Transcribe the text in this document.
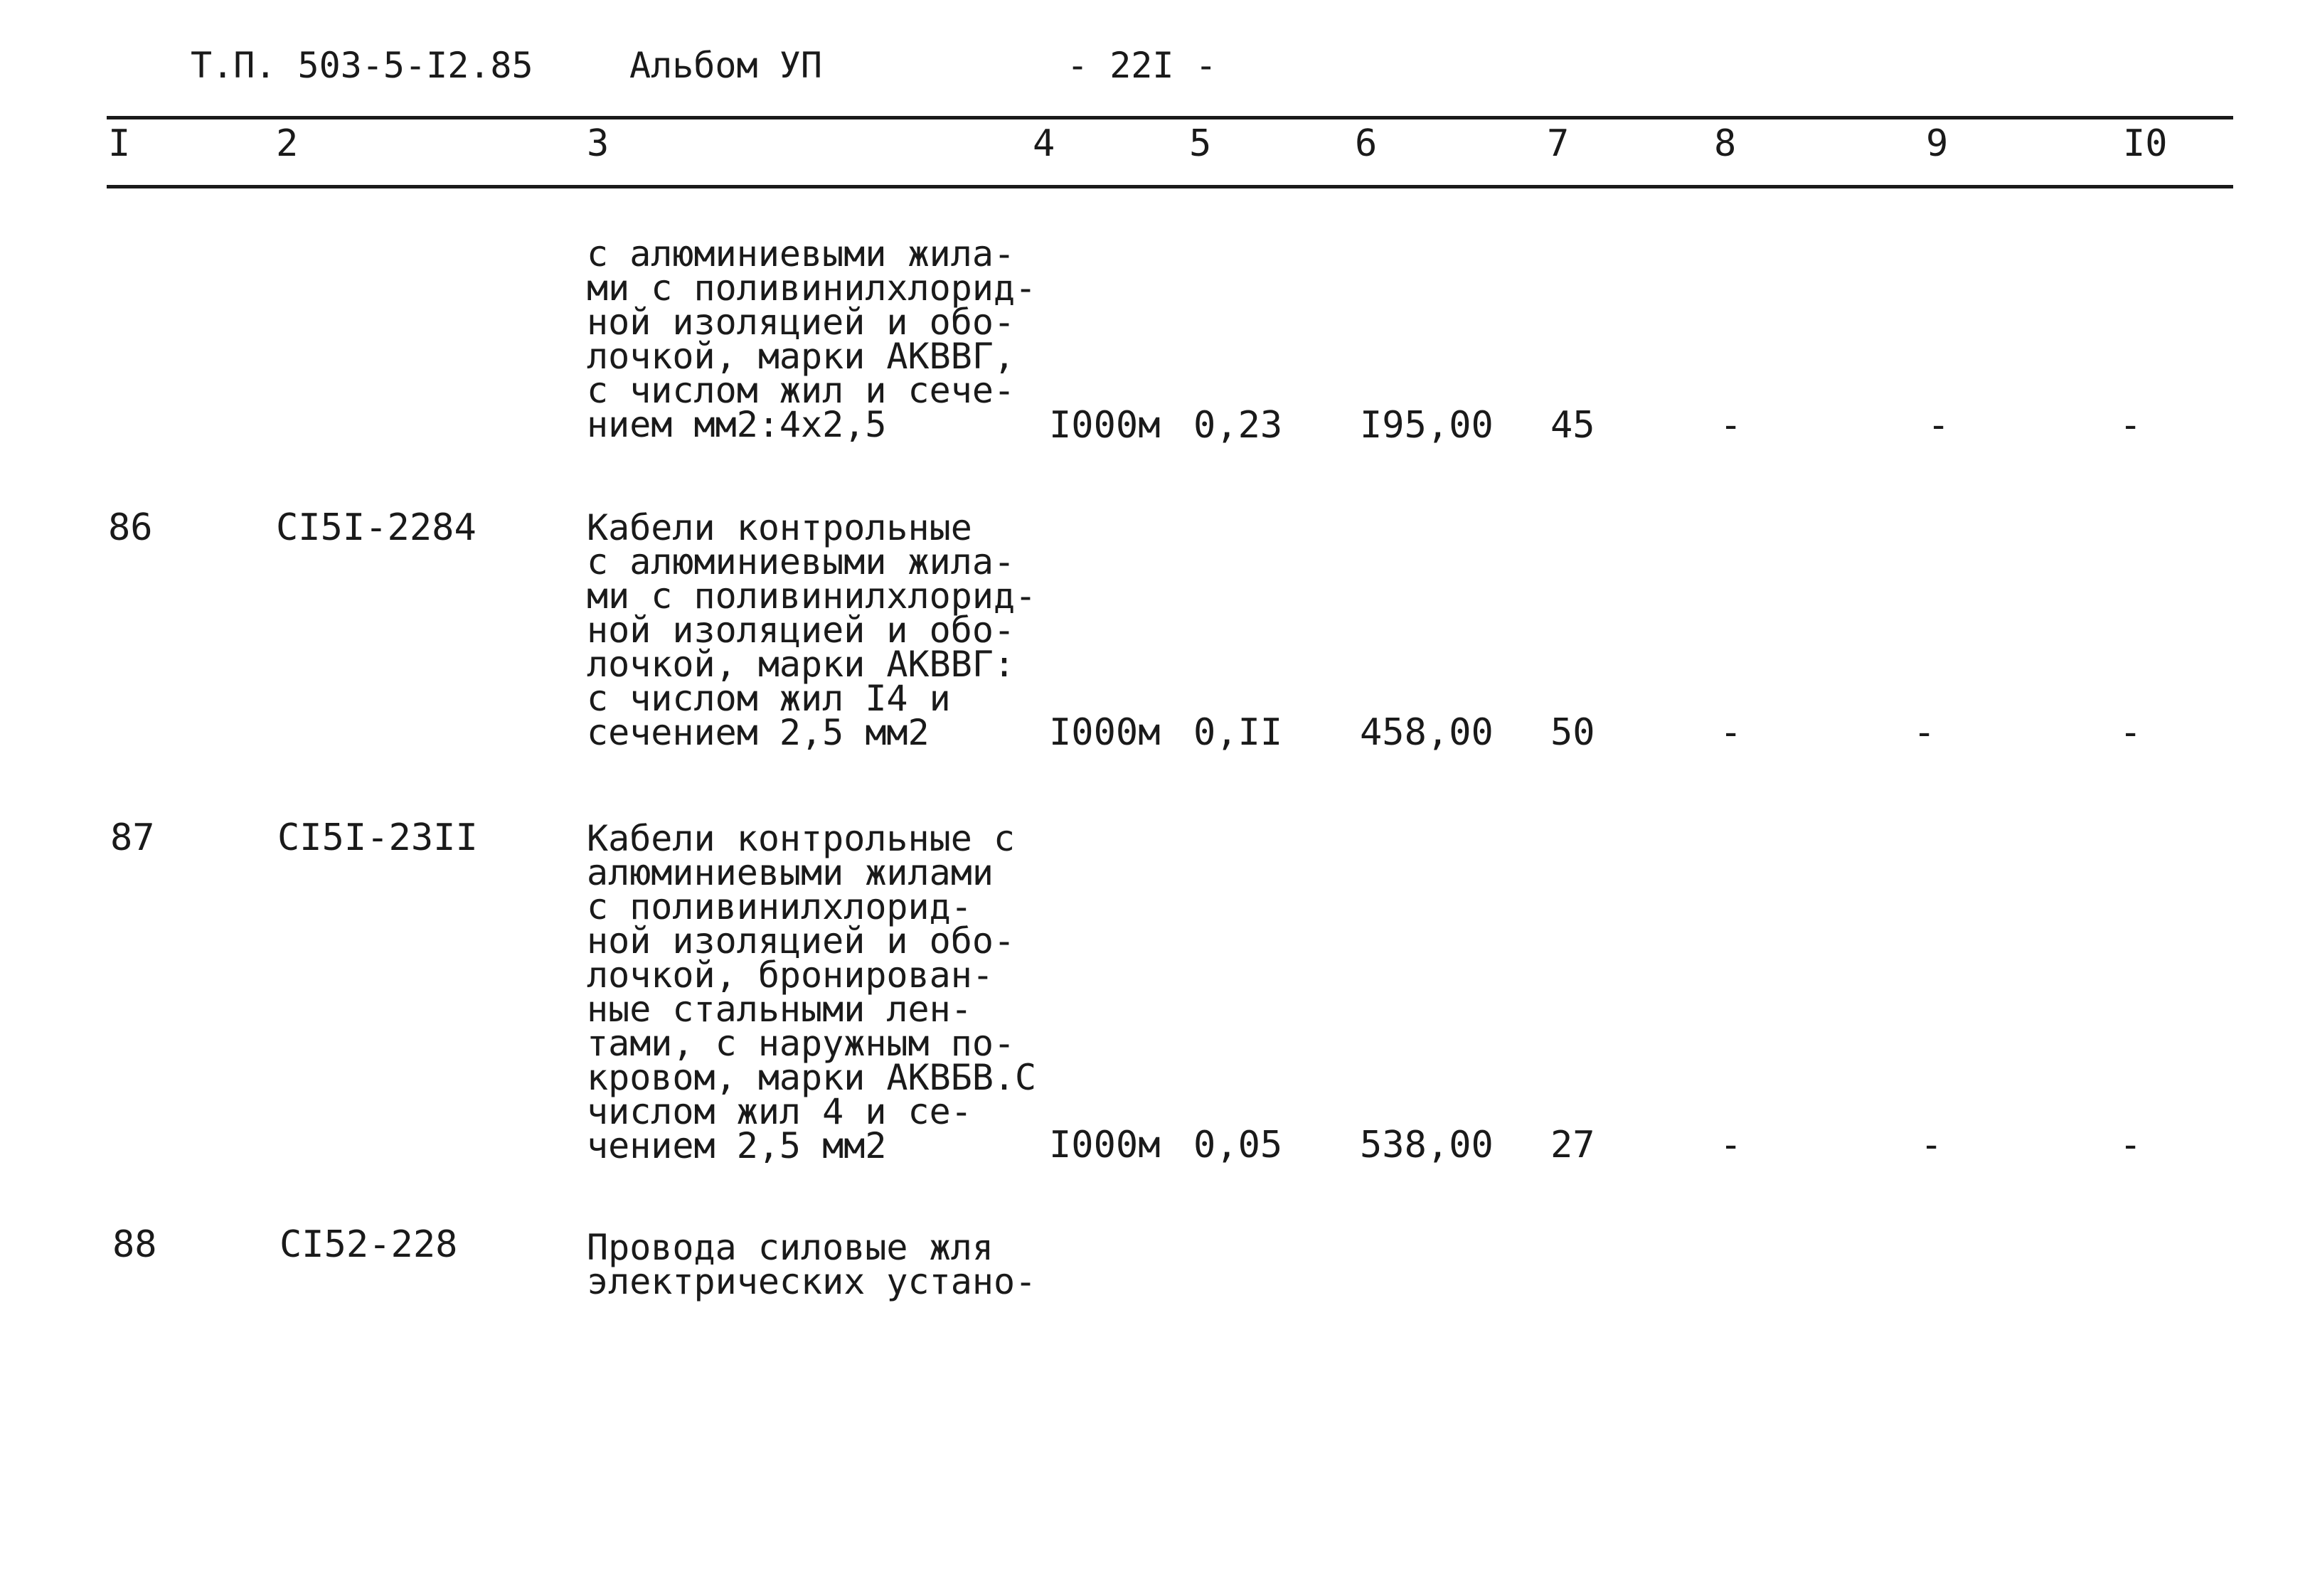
Т.П. 503-5-I2.85	Альбом УП	- 22I -
I	2	3	4	5	6	7	8	9	I0
с алюминиевыми жила-
ми с поливинилхлорид-
ной изоляцией и обо-
лочкой, марки АКВВГ,
с числом жил и сече-
нием мм2:4х2,5	I000м 0,23 I95,00 45	-	-	-
86	CI5I-2284	Кабели контрольные
с алюминиевыми жила-
ми с поливинилхлорид-
ной изоляцией и обо-
лочкой, марки АКВВГ:
с числом жил I4 и
сечением 2,5 мм2	I000м 0,II 458,00 50	-	-	-
87	CI5I-23II	Кабели контрольные с
алюминиевыми жилами
с поливинилхлорид-
ной изоляцией и обо-
лочкой, бронирован-
ные стальными лен-
тами, с наружным по-
кровом, марки АКВБВ.С
числом жил 4 и се-
чением 2,5 мм2	I000м 0,05 538,00 27	-	-	-
88	CI52-228	Провода силовые жля
электрических устано-
